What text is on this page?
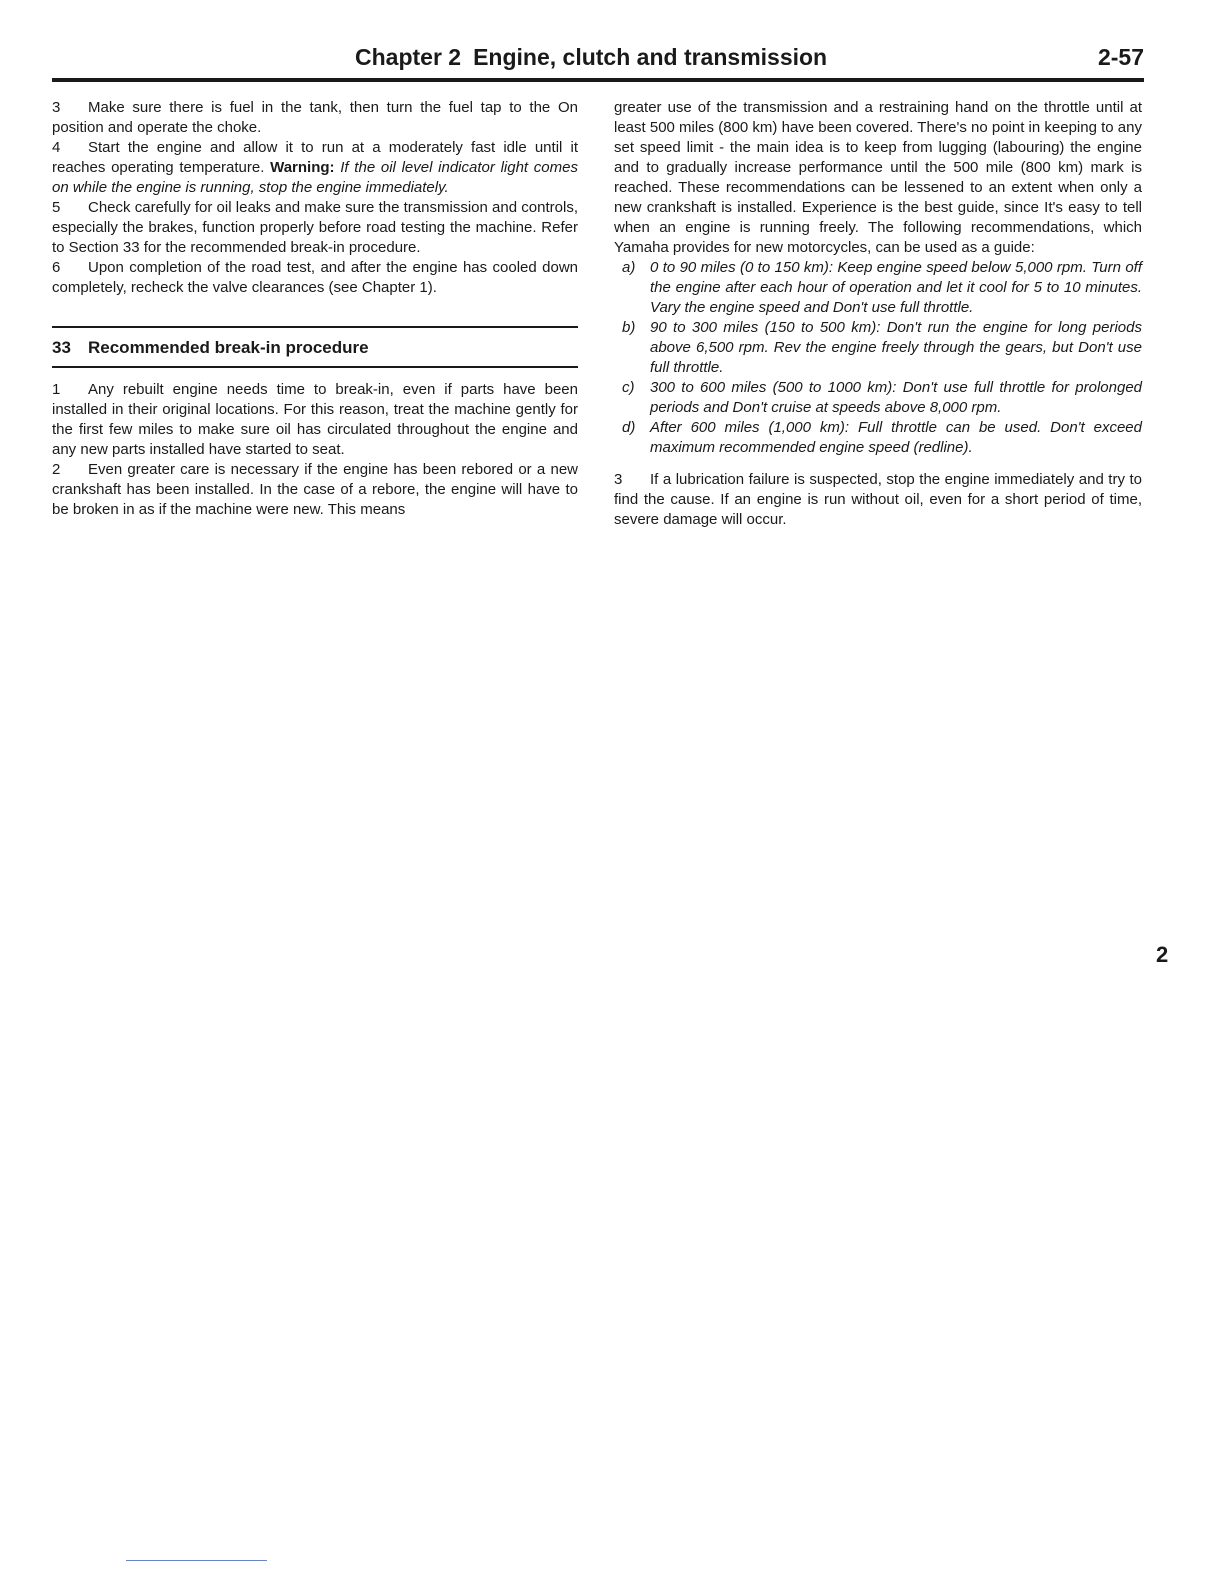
Chapter 2 Engine, clutch and transmission	2-57

3 Make sure there is fuel in the tank, then turn the fuel tap to the On position and operate the choke.

4 Start the engine and allow it to run at a moderately fast idle until it reaches operating temperature. Warning: If the oil level indicator light comes on while the engine is running, stop the engine immediately.

5 Check carefully for oil leaks and make sure the transmission and controls, especially the brakes, function properly before road testing the machine. Refer to Section 33 for the recommended break-in procedure.

6 Upon completion of the road test, and after the engine has cooled down completely, recheck the valve clearances (see Chapter 1).

33 Recommended break-in procedure

1 Any rebuilt engine needs time to break-in, even if parts have been installed in their original locations. For this reason, treat the machine gently for the first few miles to make sure oil has circulated throughout the engine and any new parts installed have started to seat.

2 Even greater care is necessary if the engine has been rebored or a new crankshaft has been installed. In the case of a rebore, the engine will have to be broken in as if the machine were new. This means

greater use of the transmission and a restraining hand on the throttle until at least 500 miles (800 km) have been covered. There's no point in keeping to any set speed limit - the main idea is to keep from lugging (labouring) the engine and to gradually increase performance until the 500 mile (800 km) mark is reached. These recommendations can be lessened to an extent when only a new crankshaft is installed. Experience is the best guide, since It's easy to tell when an engine is running freely. The following recommendations, which Yamaha provides for new motorcycles, can be used as a guide:

a) 0 to 90 miles (0 to 150 km): Keep engine speed below 5,000 rpm. Turn off the engine after each hour of operation and let it cool for 5 to 10 minutes. Vary the engine speed and Don't use full throttle.
b) 90 to 300 miles (150 to 500 km): Don't run the engine for long periods above 6,500 rpm. Rev the engine freely through the gears, but Don't use full throttle.
c) 300 to 600 miles (500 to 1000 km): Don't use full throttle for prolonged periods and Don't cruise at speeds above 8,000 rpm.
d) After 600 miles (1,000 km): Full throttle can be used. Don't exceed maximum recommended engine speed (redline).

3 If a lubrication failure is suspected, stop the engine immediately and try to find the cause. If an engine is run without oil, even for a short period of time, severe damage will occur.

2
